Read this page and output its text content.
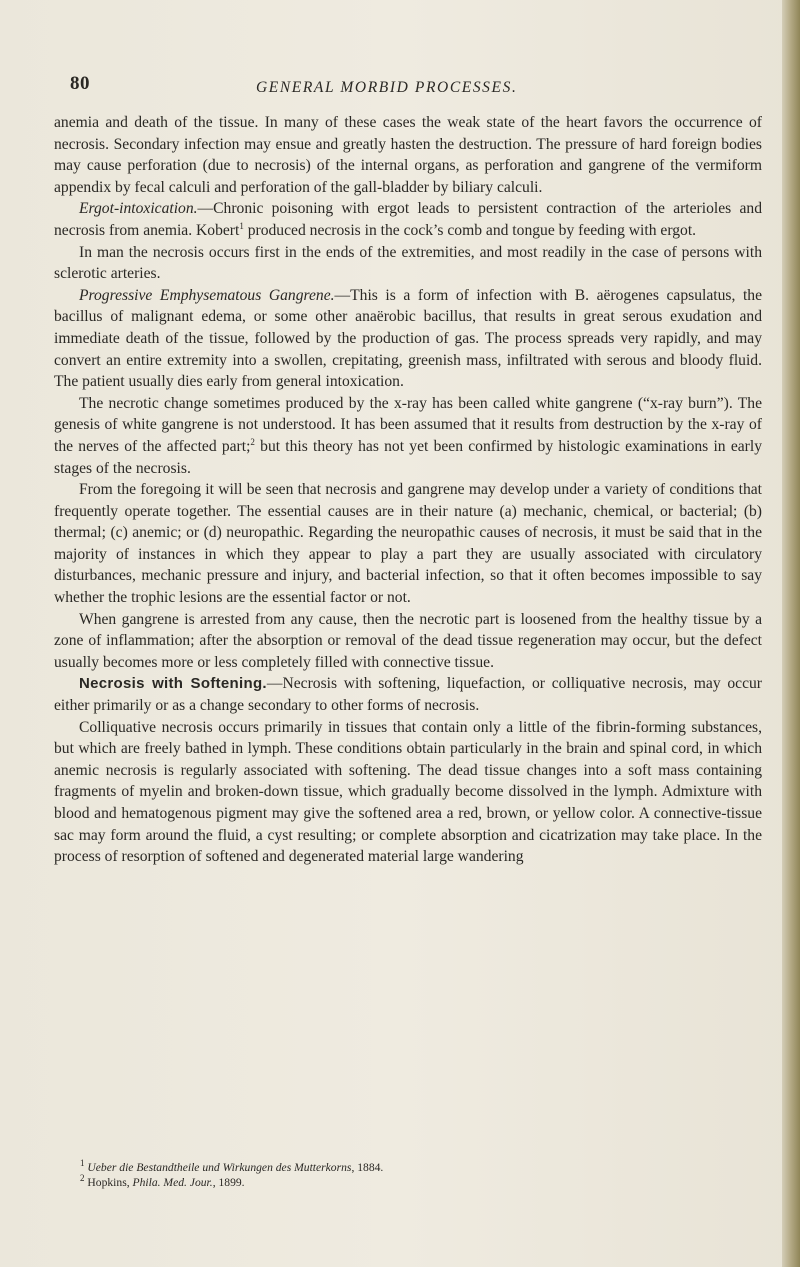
80	GENERAL MORBID PROCESSES.

anemia and death of the tissue. In many of these cases the weak state of the heart favors the occurrence of necrosis. Secondary infection may ensue and greatly hasten the destruction. The pressure of hard foreign bodies may cause perforation (due to necrosis) of the internal organs, as perforation and gangrene of the vermiform appendix by fecal calculi and perforation of the gall-bladder by biliary calculi.

Ergot-intoxication.—Chronic poisoning with ergot leads to persistent contraction of the arterioles and necrosis from anemia. Kobert$^1$ produced necrosis in the cock’s comb and tongue by feeding with ergot.

In man the necrosis occurs first in the ends of the extremities, and most readily in the case of persons with sclerotic arteries.

Progressive Emphysematous Gangrene.—This is a form of infection with B. aërogenes capsulatus, the bacillus of malignant edema, or some other anaërobic bacillus, that results in great serous exudation and immediate death of the tissue, followed by the production of gas. The process spreads very rapidly, and may convert an entire extremity into a swollen, crepitating, greenish mass, infiltrated with serous and bloody fluid. The patient usually dies early from general intoxication.

The necrotic change sometimes produced by the x-ray has been called white gangrene (“x-ray burn”). The genesis of white gangrene is not understood. It has been assumed that it results from destruction by the x-ray of the nerves of the affected part;$^2$ but this theory has not yet been confirmed by histologic examinations in early stages of the necrosis.

From the foregoing it will be seen that necrosis and gangrene may develop under a variety of conditions that frequently operate together. The essential causes are in their nature (a) mechanic, chemical, or bacterial; (b) thermal; (c) anemic; or (d) neuropathic. Regarding the neuropathic causes of necrosis, it must be said that in the majority of instances in which they appear to play a part they are usually associated with circulatory disturbances, mechanic pressure and injury, and bacterial infection, so that it often becomes impossible to say whether the trophic lesions are the essential factor or not.

When gangrene is arrested from any cause, then the necrotic part is loosened from the healthy tissue by a zone of inflammation; after the absorption or removal of the dead tissue regeneration may occur, but the defect usually becomes more or less completely filled with connective tissue.

Necrosis with Softening.—Necrosis with softening, liquefaction, or colliquative necrosis, may occur either primarily or as a change secondary to other forms of necrosis.

Colliquative necrosis occurs primarily in tissues that contain only a little of the fibrin-forming substances, but which are freely bathed in lymph. These conditions obtain particularly in the brain and spinal cord, in which anemic necrosis is regularly associated with softening. The dead tissue changes into a soft mass containing fragments of myelin and broken-down tissue, which gradually become dissolved in the lymph. Admixture with blood and hematogenous pigment may give the softened area a red, brown, or yellow color. A connective-tissue sac may form around the fluid, a cyst resulting; or complete absorption and cicatrization may take place. In the process of resorption of softened and degenerated material large wandering

$^1$ Ueber die Bestandtheile und Wirkungen des Mutterkorns, 1884.

$^2$ Hopkins, Phila. Med. Jour., 1899.
